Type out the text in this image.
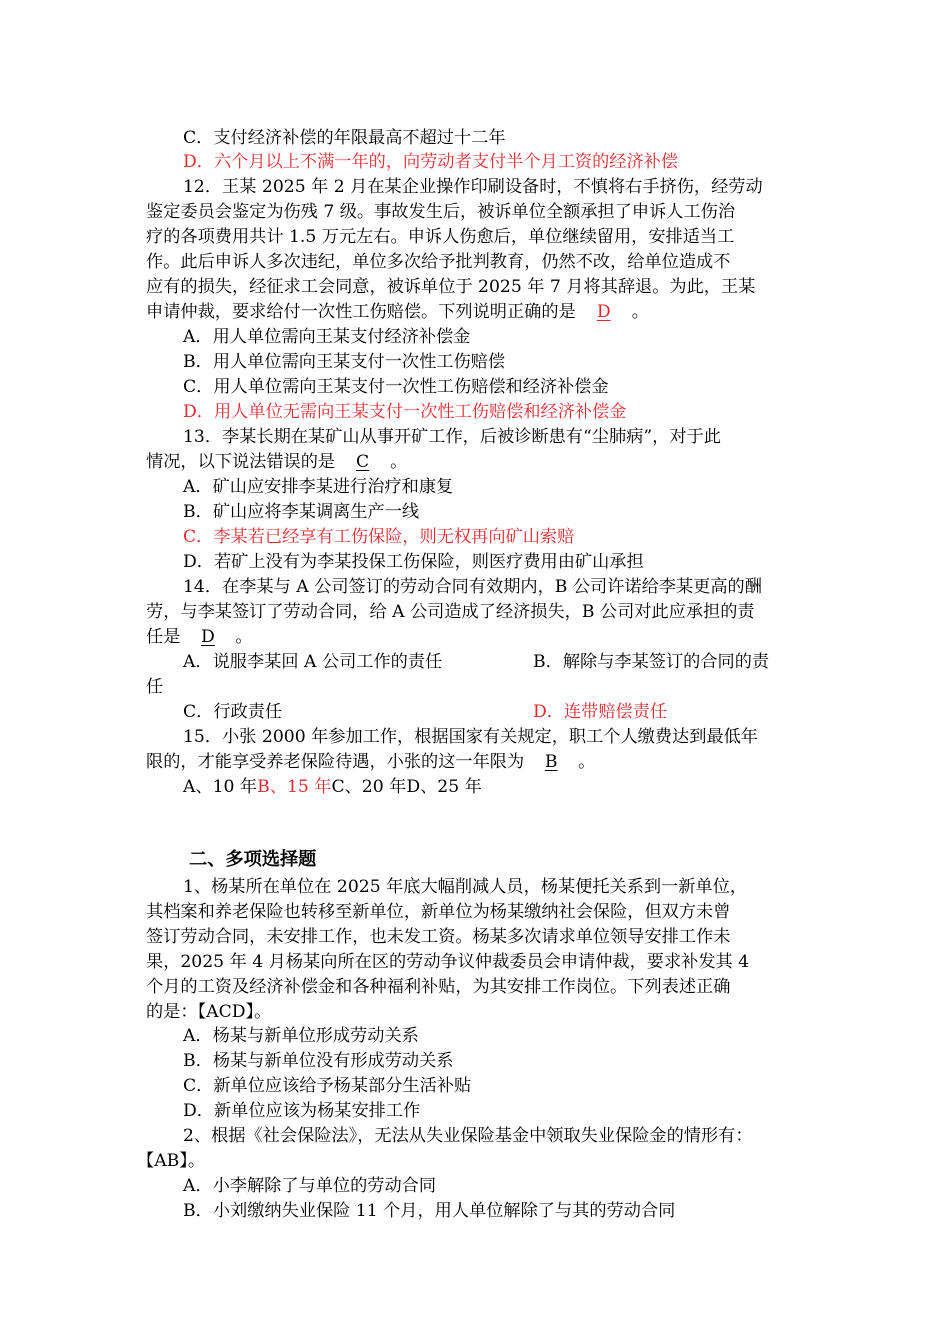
C．支付经济补偿的年限最高不超过十二年
D．六个月以上不满一年的，向劳动者支付半个月工资的经济补偿
12．王某 2025 年 2 月在某企业操作印刷设备时，不慎将右手挤伤，经劳动
鉴定委员会鉴定为伤残 7 级。事故发生后，被诉单位全额承担了申诉人工伤治
疗的各项费用共计 1.5 万元左右。申诉人伤愈后，单位继续留用，安排适当工
作。此后申诉人多次违纪，单位多次给予批判教育，仍然不改，给单位造成不
应有的损失，经征求工会同意，被诉单位于 2025 年 7 月将其辞退。为此，王某
申请仲裁，要求给付一次性工伤赔偿。下列说明正确的是 D 。
A．用人单位需向王某支付经济补偿金
B．用人单位需向王某支付一次性工伤赔偿
C．用人单位需向王某支付一次性工伤赔偿和经济补偿金
D．用人单位无需向王某支付一次性工伤赔偿和经济补偿金
13．李某长期在某矿山从事开矿工作，后被诊断患有“尘肺病”，对于此
情况，以下说法错误的是 C 。
A．矿山应安排李某进行治疗和康复
B．矿山应将李某调离生产一线
C．李某若已经享有工伤保险，则无权再向矿山索赔
D．若矿上没有为李某投保工伤保险，则医疗费用由矿山承担
14．在李某与 A 公司签订的劳动合同有效期内，B 公司许诺给李某更高的酬
劳，与李某签订了劳动合同，给 A 公司造成了经济损失，B 公司对此应承担的责
任是 D 。
A．说服李某回 A 公司工作的责任	B．解除与李某签订的合同的责
任
C．行政责任	D．连带赔偿责任
15．小张 2000 年参加工作，根据国家有关规定，职工个人缴费达到最低年
限的，才能享受养老保险待遇，小张的这一年限为 B 。
A、10 年B、15 年C、20 年D、25 年
二、多项选择题
1、杨某所在单位在 2025 年底大幅削减人员，杨某便托关系到一新单位，
其档案和养老保险也转移至新单位，新单位为杨某缴纳社会保险，但双方未曾
签订劳动合同，未安排工作，也未发工资。杨某多次请求单位领导安排工作未
果，2025 年 4 月杨某向所在区的劳动争议仲裁委员会申请仲裁，要求补发其 4
个月的工资及经济补偿金和各种福利补贴，为其安排工作岗位。下列表述正确
的是：【ACD】。
A．杨某与新单位形成劳动关系
B．杨某与新单位没有形成劳动关系
C．新单位应该给予杨某部分生活补贴
D．新单位应该为杨某安排工作
2、根据《社会保险法》，无法从失业保险基金中领取失业保险金的情形有：
【AB】。
A．小李解除了与单位的劳动合同
B．小刘缴纳失业保险 11 个月，用人单位解除了与其的劳动合同
